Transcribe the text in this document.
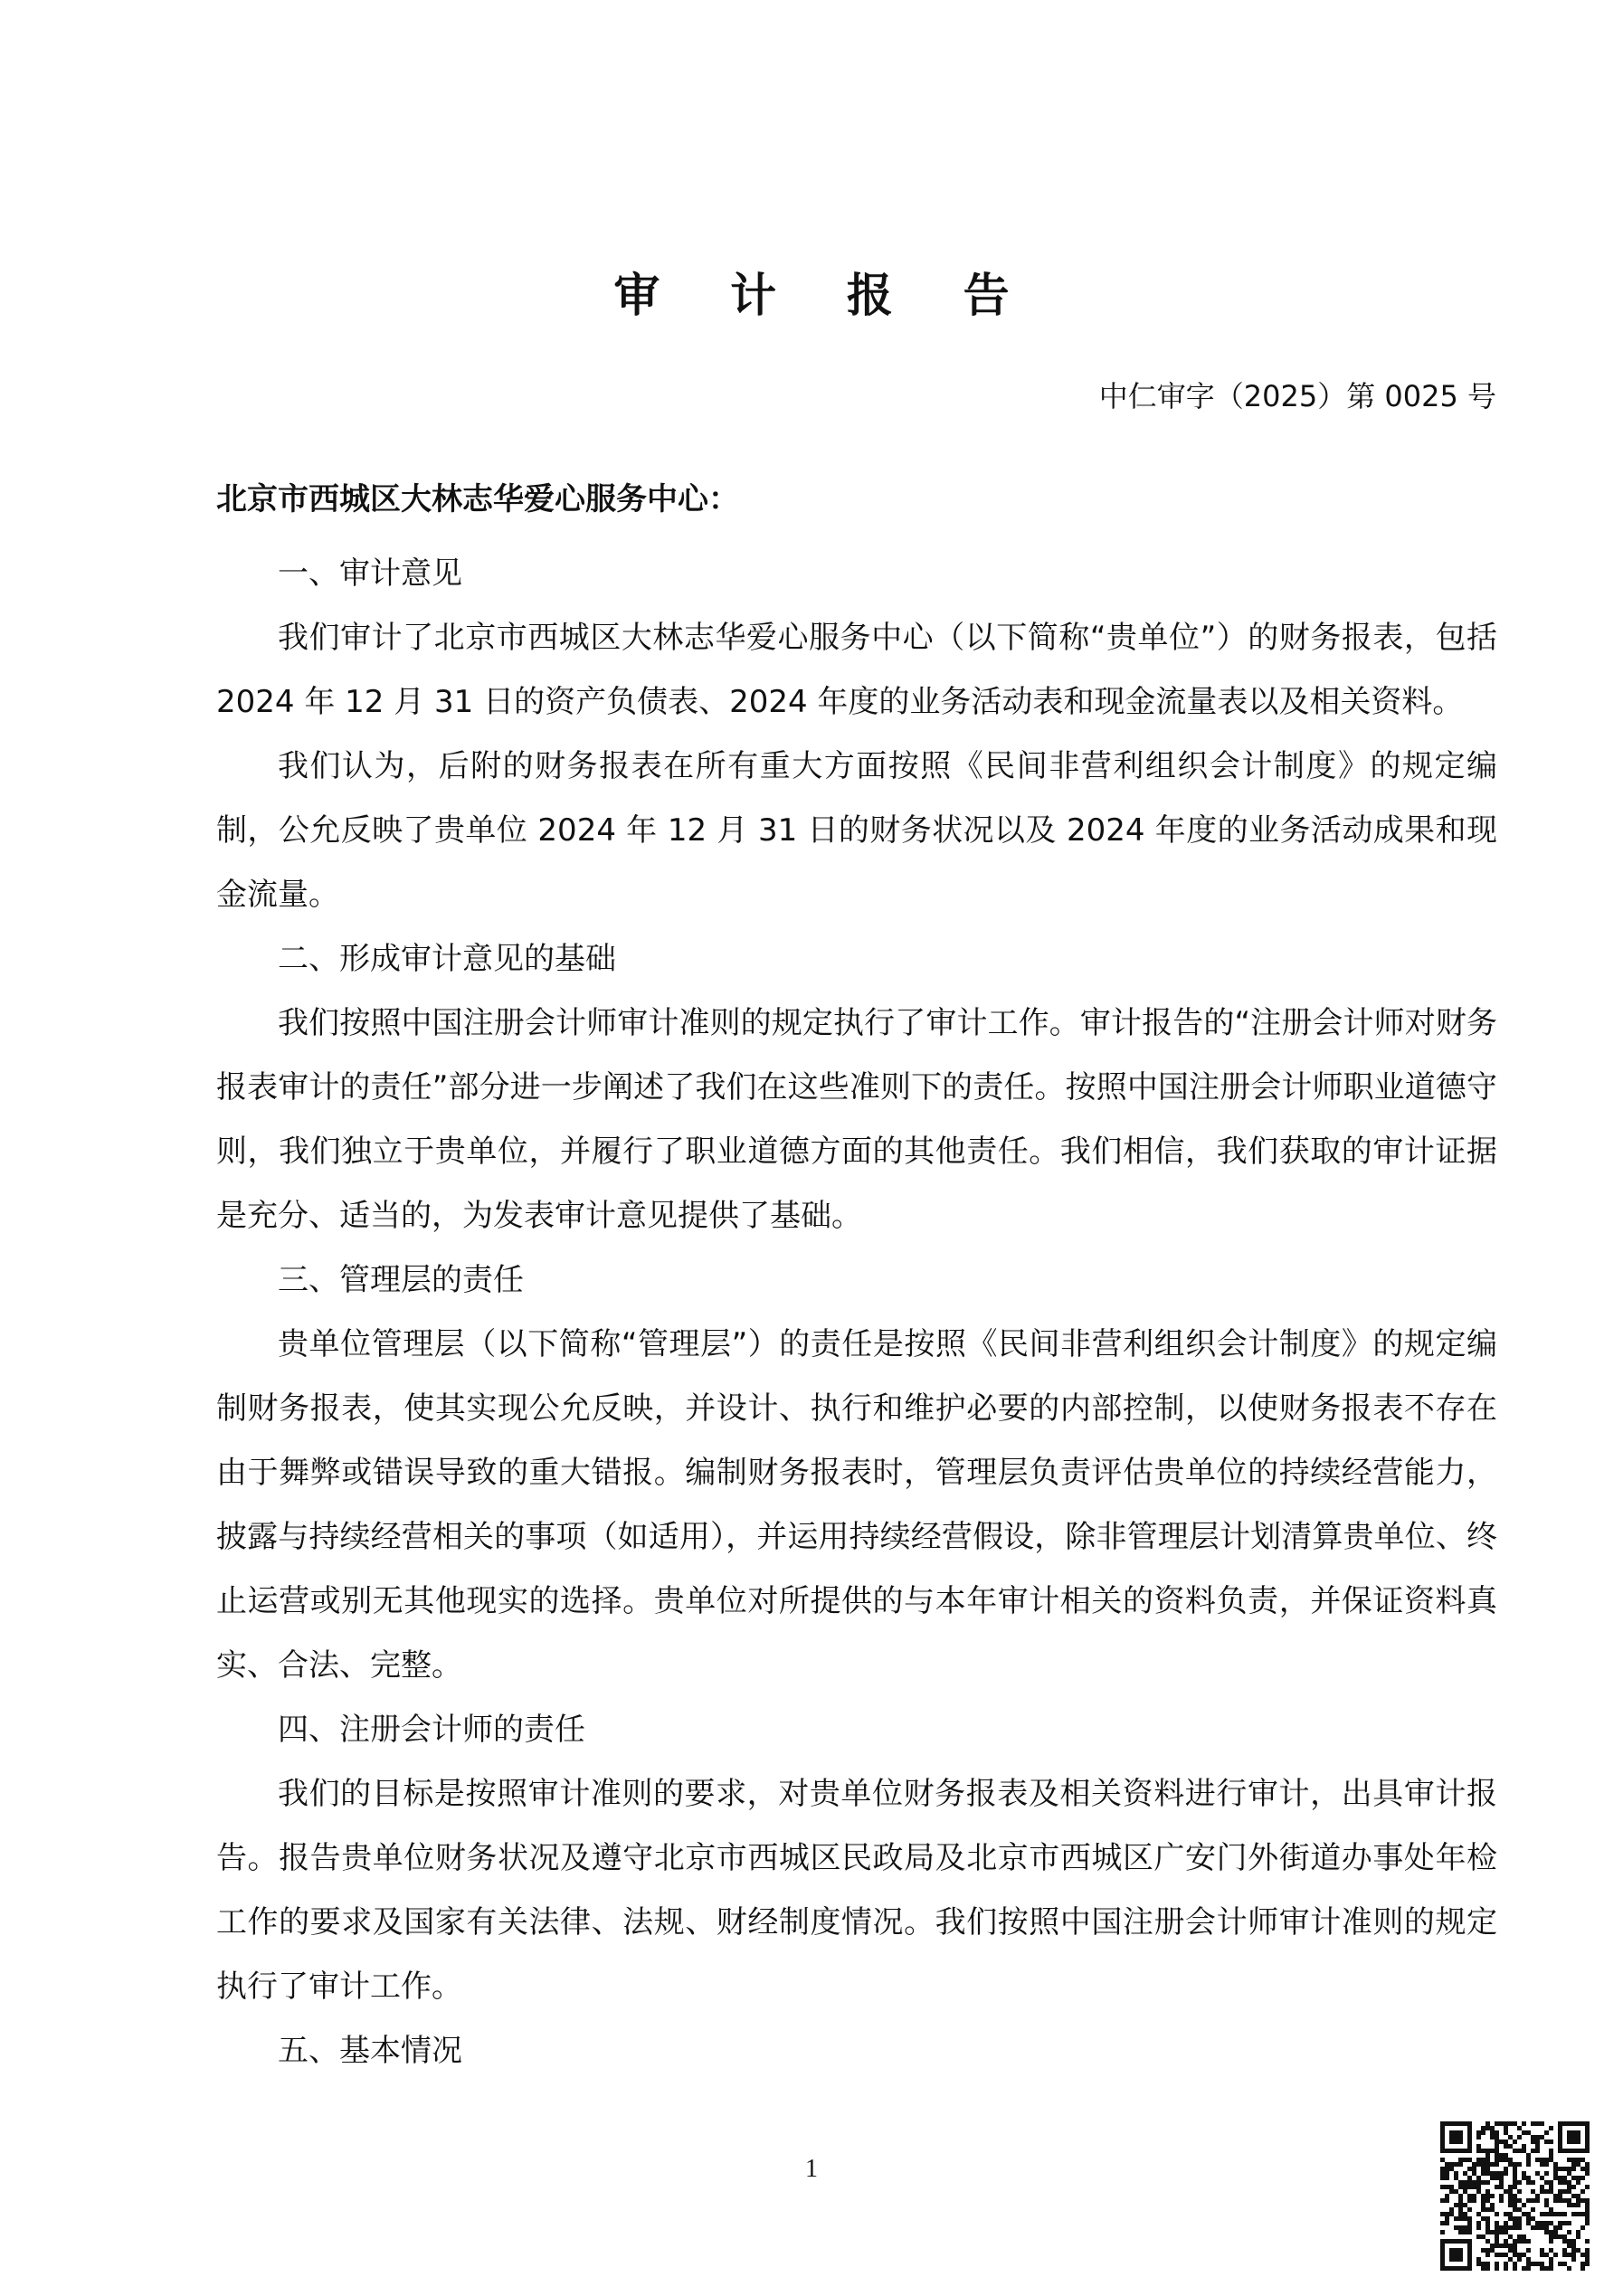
审 计 报 告
中仁审字（2025）第 0025 号
北京市西城区大林志华爱心服务中心：

一、审计意见

我们审计了北京市西城区大林志华爱心服务中心（以下简称“贵单位”）的财务报表，包括 2024 年 12 月 31 日的资产负债表、2024 年度的业务活动表和现金流量表以及相关资料。

我们认为，后附的财务报表在所有重大方面按照《民间非营利组织会计制度》的规定编制，公允反映了贵单位 2024 年 12 月 31 日的财务状况以及 2024 年度的业务活动成果和现金流量。

二、形成审计意见的基础

我们按照中国注册会计师审计准则的规定执行了审计工作。审计报告的“注册会计师对财务报表审计的责任”部分进一步阐述了我们在这些准则下的责任。按照中国注册会计师职业道德守则，我们独立于贵单位，并履行了职业道德方面的其他责任。我们相信，我们获取的审计证据是充分、适当的，为发表审计意见提供了基础。

三、管理层的责任

贵单位管理层（以下简称“管理层”）的责任是按照《民间非营利组织会计制度》的规定编制财务报表，使其实现公允反映，并设计、执行和维护必要的内部控制，以使财务报表不存在由于舞弊或错误导致的重大错报。编制财务报表时，管理层负责评估贵单位的持续经营能力，披露与持续经营相关的事项（如适用），并运用持续经营假设，除非管理层计划清算贵单位、终止运营或别无其他现实的选择。贵单位对所提供的与本年审计相关的资料负责，并保证资料真实、合法、完整。

四、注册会计师的责任

我们的目标是按照审计准则的要求，对贵单位财务报表及相关资料进行审计，出具审计报告。报告贵单位财务状况及遵守北京市西城区民政局及北京市西城区广安门外街道办事处年检工作的要求及国家有关法律、法规、财经制度情况。我们按照中国注册会计师审计准则的规定执行了审计工作。

五、基本情况

1
